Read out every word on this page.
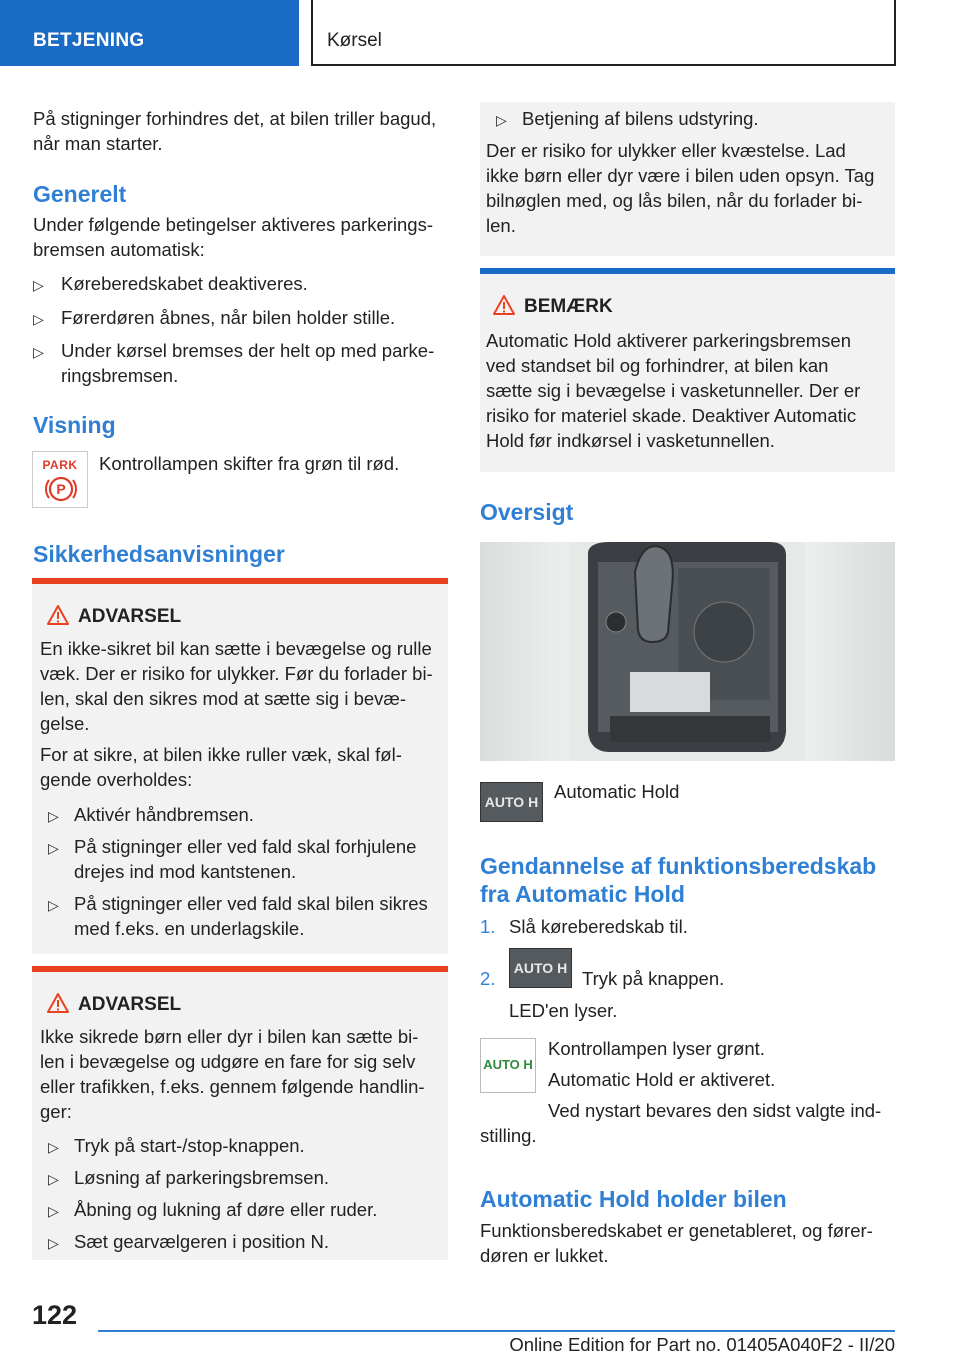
BETJENING	Kørsel
På stigninger forhindres det, at bilen triller bagud,
når man starter.
Generelt
Under følgende betingelser aktiveres parkerings‐
bremsen automatisk:
▷ Køreberedskabet deaktiveres.
▷ Førerdøren åbnes, når bilen holder stille.
▷ Under kørsel bremses der helt op med parke‐
ringsbremsen.
Visning
PARK
P
Kontrollampen skifter fra grøn til rød.
Sikkerhedsanvisninger
ADVARSEL
En ikke-sikret bil kan sætte i bevægelse og rulle
væk. Der er risiko for ulykker. Før du forlader bi‐
len, skal den sikres mod at sætte sig i bevæ‐
gelse.
For at sikre, at bilen ikke ruller væk, skal føl‐
gende overholdes:
▷ Aktivér håndbremsen.
▷ På stigninger eller ved fald skal forhjulene
drejes ind mod kantstenen.
▷ På stigninger eller ved fald skal bilen sikres
med f.eks. en underlagskile.
ADVARSEL
Ikke sikrede børn eller dyr i bilen kan sætte bi‐
len i bevægelse og udgøre en fare for sig selv
eller trafikken, f.eks. gennem følgende handlin‐
ger:
▷ Tryk på start-/stop-knappen.
▷ Løsning af parkeringsbremsen.
▷ Åbning og lukning af døre eller ruder.
▷ Sæt gearvælgeren i position N.
▷ Betjening af bilens udstyring.
Der er risiko for ulykker eller kvæstelse. Lad
ikke børn eller dyr være i bilen uden opsyn. Tag
bilnøglen med, og lås bilen, når du forlader bi‐
len.
BEMÆRK
Automatic Hold aktiverer parkeringsbremsen
ved standset bil og forhindrer, at bilen kan
sætte sig i bevægelse i vasketunneller. Der er
risiko for materiel skade. Deaktiver Automatic
Hold før indkørsel i vasketunnellen.
Oversigt
AUTO H Automatic Hold
Gendannelse af funktionsberedskab
fra Automatic Hold
1. Slå køreberedskab til.
2. AUTO H Tryk på knappen.
LED'en lyser.
AUTO H
Kontrollampen lyser grønt.
Automatic Hold er aktiveret.
Ved nystart bevares den sidst valgte ind‐
stilling.
Automatic Hold holder bilen
Funktionsberedskabet er genetableret, og fører‐
døren er lukket.
122
Online Edition for Part no. 01405A040F2 - II/20
